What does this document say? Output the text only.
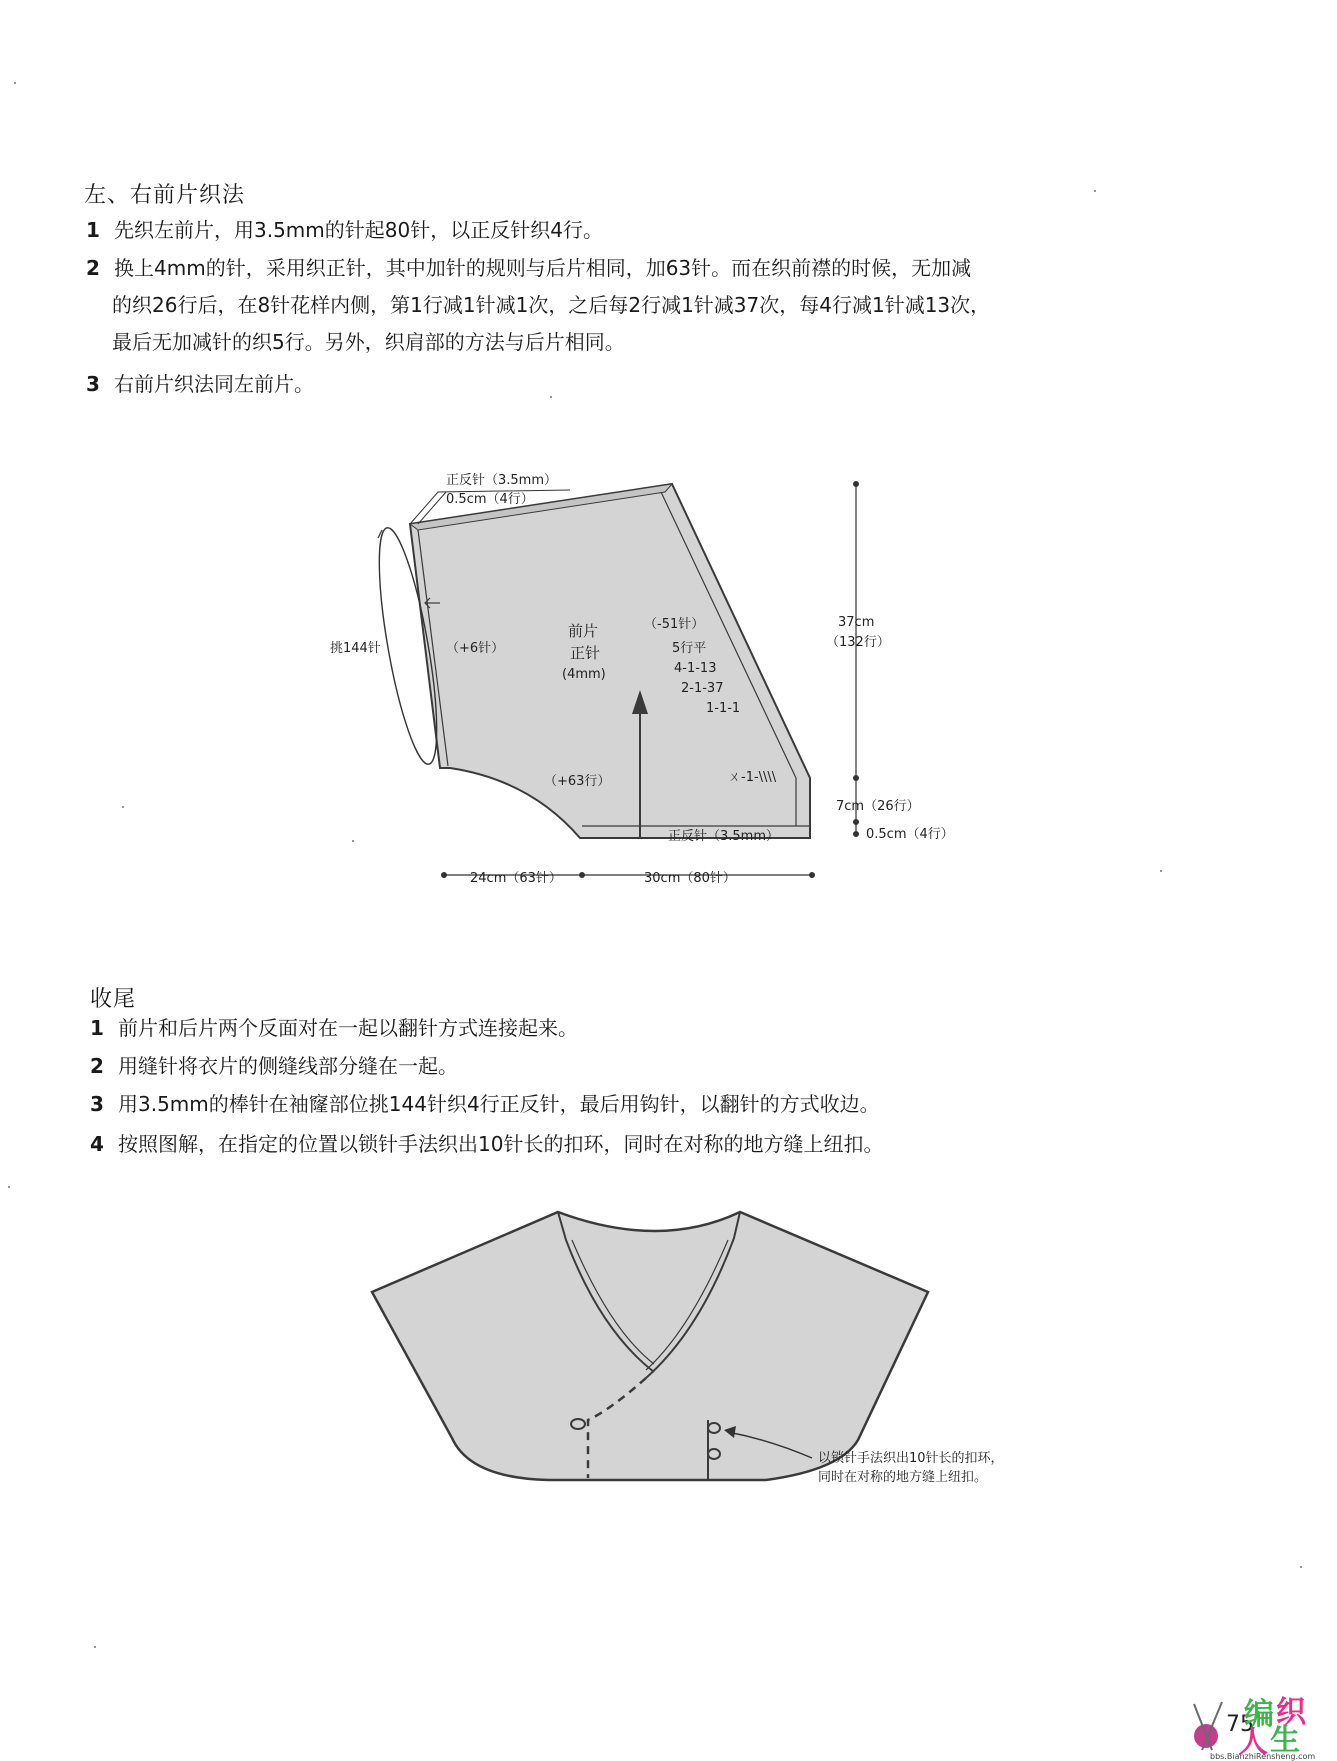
左、右前片织法
1 先织左前片，用3.5mm的针起80针，以正反针织4行。
2 换上4mm的针，采用织正针，其中加针的规则与后片相同，加63针。而在织前襟的时候，无加减
的织26行后，在8针花样内侧，第1行减1针减1次，之后每2行减1针减37次，每4行减1针减13次，
最后无加减针的织5行。另外，织肩部的方法与后片相同。
3 右前片织法同左前片。
正反针（3.5mm）
0.5cm（4行）
挑144针	（+6针）
前片
正针
(4mm)
（-51针）
5行平
4-1-13
2-1-37
1-1-1
（+63行）	ㄨ-1-\\\\
正反针（3.5mm）
37cm
（132行）
7cm（26行）
0.5cm（4行）
24cm（63针）	30cm（80针）
收尾
1 前片和后片两个反面对在一起以翻针方式连接起来。
2 用缝针将衣片的侧缝线部分缝在一起。
3 用3.5mm的棒针在袖窿部位挑144针织4行正反针，最后用钩针，以翻针的方式收边。
4 按照图解，在指定的位置以锁针手法织出10针长的扣环，同时在对称的地方缝上纽扣。
以锁针手法织出10针长的扣环，
同时在对称的地方缝上纽扣。
75
编 织
人 生
bbs.BianzhiRensheng.com
